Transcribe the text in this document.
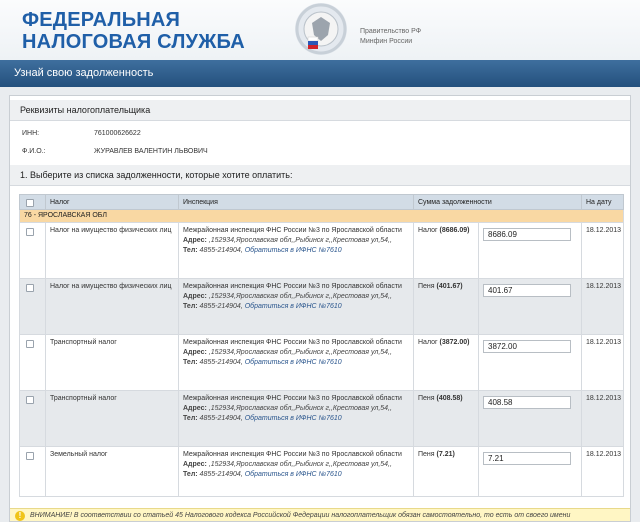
ФЕДЕРАЛЬНАЯ
НАЛОГОВАЯ СЛУЖБА	Правительство РФ
Минфин России
Узнай свою задолженность
Реквизиты налогоплательщика
ИНН:	761000626622
Ф.И.О.:	ЖУРАВЛЕВ ВАЛЕНТИН ЛЬВОВИЧ
1. Выберите из списка задолженности, которые хотите оплатить:
	Налог	Инспекция	Сумма задолженности		На дату
76 - ЯРОСЛАВСКАЯ ОБЛ					
	Налог на имущество физических лиц	Межрайонная инспекция ФНС России №3 по Ярославской области
Адрес: ,152934,Ярославская обл,,Рыбинск г,,Крестовая ул,54,,
Тел: 4855-214904, Обратиться в ИФНС №7610	Налог (8686.09)	8686.09	18.12.2013
	Налог на имущество физических лиц	Межрайонная инспекция ФНС России №3 по Ярославской области
Адрес: ,152934,Ярославская обл,,Рыбинск г,,Крестовая ул,54,,
Тел: 4855-214904, Обратиться в ИФНС №7610	Пеня (401.67)	401.67	18.12.2013
	Транспортный налог	Межрайонная инспекция ФНС России №3 по Ярославской области
Адрес: ,152934,Ярославская обл,,Рыбинск г,,Крестовая ул,54,,
Тел: 4855-214904, Обратиться в ИФНС №7610	Налог (3872.00)	3872.00	18.12.2013
	Транспортный налог	Межрайонная инспекция ФНС России №3 по Ярославской области
Адрес: ,152934,Ярославская обл,,Рыбинск г,,Крестовая ул,54,,
Тел: 4855-214904, Обратиться в ИФНС №7610	Пеня (408.58)	408.58	18.12.2013
	Земельный налог	Межрайонная инспекция ФНС России №3 по Ярославской области
Адрес: ,152934,Ярославская обл,,Рыбинск г,,Крестовая ул,54,,
Тел: 4855-214904, Обратиться в ИФНС №7610	Пеня (7.21)	7.21	18.12.2013
!	ВНИМАНИЕ! В соответствии со статьей 45 Налогового кодекса Российской Федерации налогоплательщик обязан самостоятельно, то есть от своего имени
